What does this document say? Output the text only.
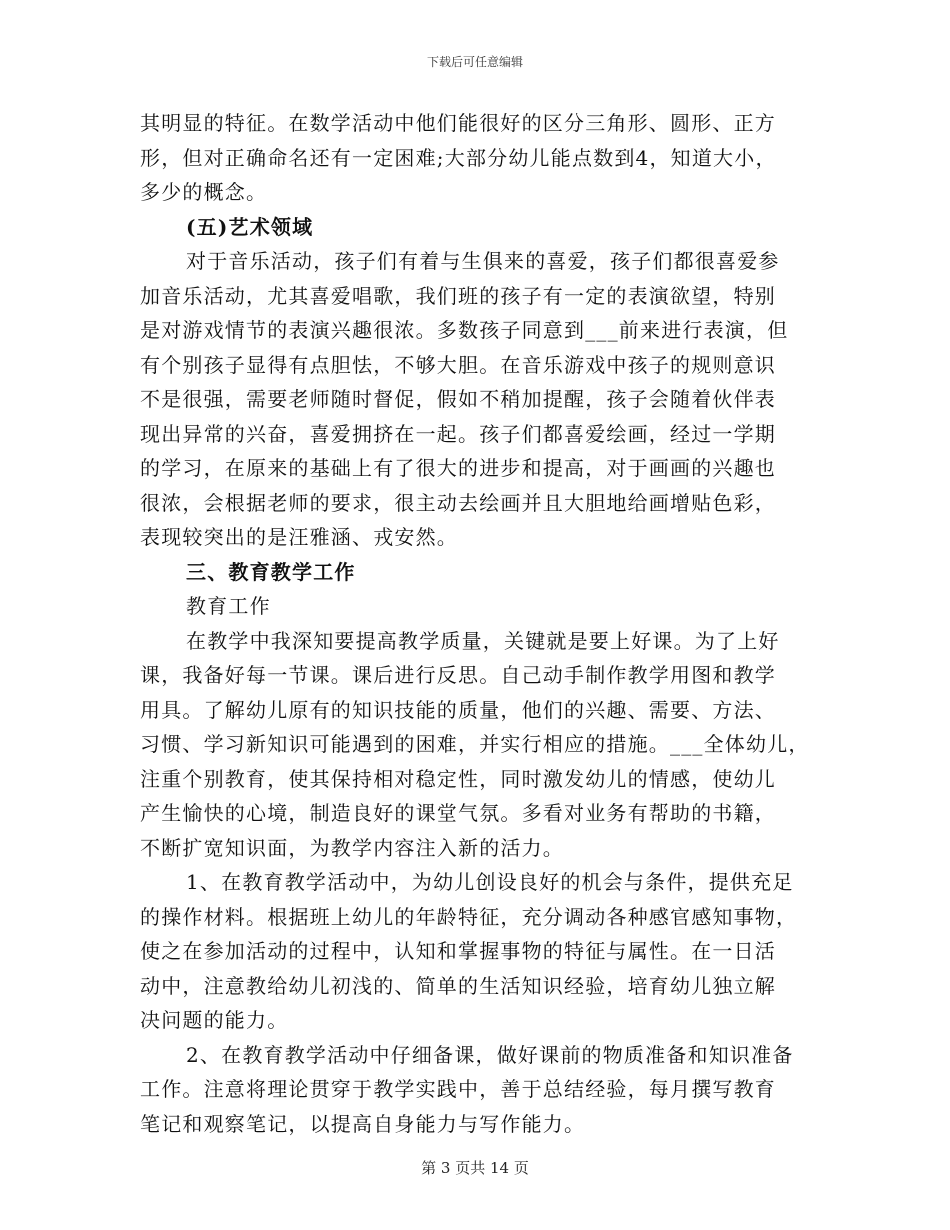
下载后可任意编辑
其明显的特征。在数学活动中他们能很好的区分三角形、圆形、正方
形，但对正确命名还有一定困难;大部分幼儿能点数到4，知道大小，
多少的概念。
(五)艺术领域
对于音乐活动，孩子们有着与生俱来的喜爱，孩子们都很喜爱参
加音乐活动，尤其喜爱唱歌，我们班的孩子有一定的表演欲望，特别
是对游戏情节的表演兴趣很浓。多数孩子同意到___前来进行表演，但
有个别孩子显得有点胆怯，不够大胆。在音乐游戏中孩子的规则意识
不是很强，需要老师随时督促，假如不稍加提醒，孩子会随着伙伴表
现出异常的兴奋，喜爱拥挤在一起。孩子们都喜爱绘画，经过一学期
的学习，在原来的基础上有了很大的进步和提高，对于画画的兴趣也
很浓，会根据老师的要求，很主动去绘画并且大胆地给画增贴色彩，
表现较突出的是汪雅涵、戎安然。
三、教育教学工作
教育工作
在教学中我深知要提高教学质量，关键就是要上好课。为了上好
课，我备好每一节课。课后进行反思。自己动手制作教学用图和教学
用具。了解幼儿原有的知识技能的质量，他们的兴趣、需要、方法、
习惯、学习新知识可能遇到的困难，并实行相应的措施。___全体幼儿，
注重个别教育，使其保持相对稳定性，同时激发幼儿的情感，使幼儿
产生愉快的心境，制造良好的课堂气氛。多看对业务有帮助的书籍，
不断扩宽知识面，为教学内容注入新的活力。
1、在教育教学活动中，为幼儿创设良好的机会与条件，提供充足
的操作材料。根据班上幼儿的年龄特征，充分调动各种感官感知事物，
使之在参加活动的过程中，认知和掌握事物的特征与属性。在一日活
动中，注意教给幼儿初浅的、简单的生活知识经验，培育幼儿独立解
决问题的能力。
2、在教育教学活动中仔细备课，做好课前的物质准备和知识准备
工作。注意将理论贯穿于教学实践中，善于总结经验，每月撰写教育
笔记和观察笔记，以提高自身能力与写作能力。
第 3 页共 14 页
